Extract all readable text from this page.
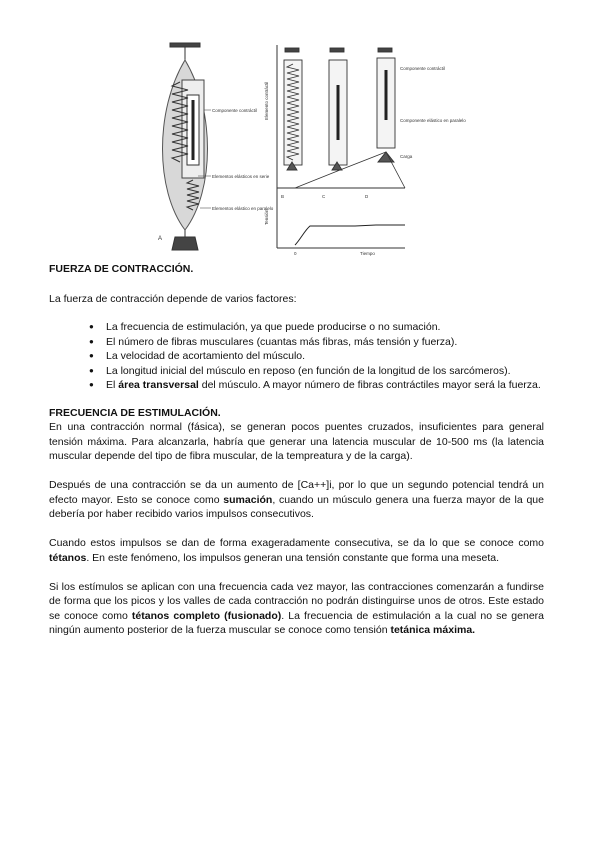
Componente contráctil
Elementos elásticos en serie
Elementos elástico en paralelo
A
Elemento contráctil
Tensión
B	C	D
0	Tiempo
Componente contráctil
Componente elástico en paralelo
Carga
FUERZA DE CONTRACCIÓN.

La fuerza de contracción depende de varios factores:

● La frecuencia de estimulación, ya que puede producirse o no sumación.
● El número de fibras musculares (cuantas más fibras, más tensión y fuerza).
● La velocidad de acortamiento del músculo.
● La longitud inicial del músculo en reposo (en función de la longitud de los sarcómeros).
● El área transversal del músculo. A mayor número de fibras contráctiles mayor será la fuerza.
FRECUENCIA DE ESTIMULACIÓN.

En una contracción normal (fásica), se generan pocos puentes cruzados, insuficientes para general tensión máxima. Para alcanzarla, habría que generar una latencia muscular de 10-500 ms (la latencia muscular depende del tipo de fibra muscular, de la tempreatura y de la carga).

Después de una contracción se da un aumento de [Ca++]i, por lo que un segundo potencial tendrá un efecto mayor. Esto se conoce como sumación, cuando un músculo genera una fuerza mayor de la que debería por haber recibido varios impulsos consecutivos.

Cuando estos impulsos se dan de forma exageradamente consecutiva, se da lo que se conoce como tétanos. En este fenómeno, los impulsos generan una tensión constante que forma una meseta.

Si los estímulos se aplican con una frecuencia cada vez mayor, las contracciones comenzarán a fundirse de forma que los picos y los valles de cada contracción no podrán distinguirse unos de otros. Este estado se conoce como tétanos completo (fusionado). La frecuencia de estimulación a la cual no se genera ningún aumento posterior de la fuerza muscular se conoce como tensión tetánica máxima.
